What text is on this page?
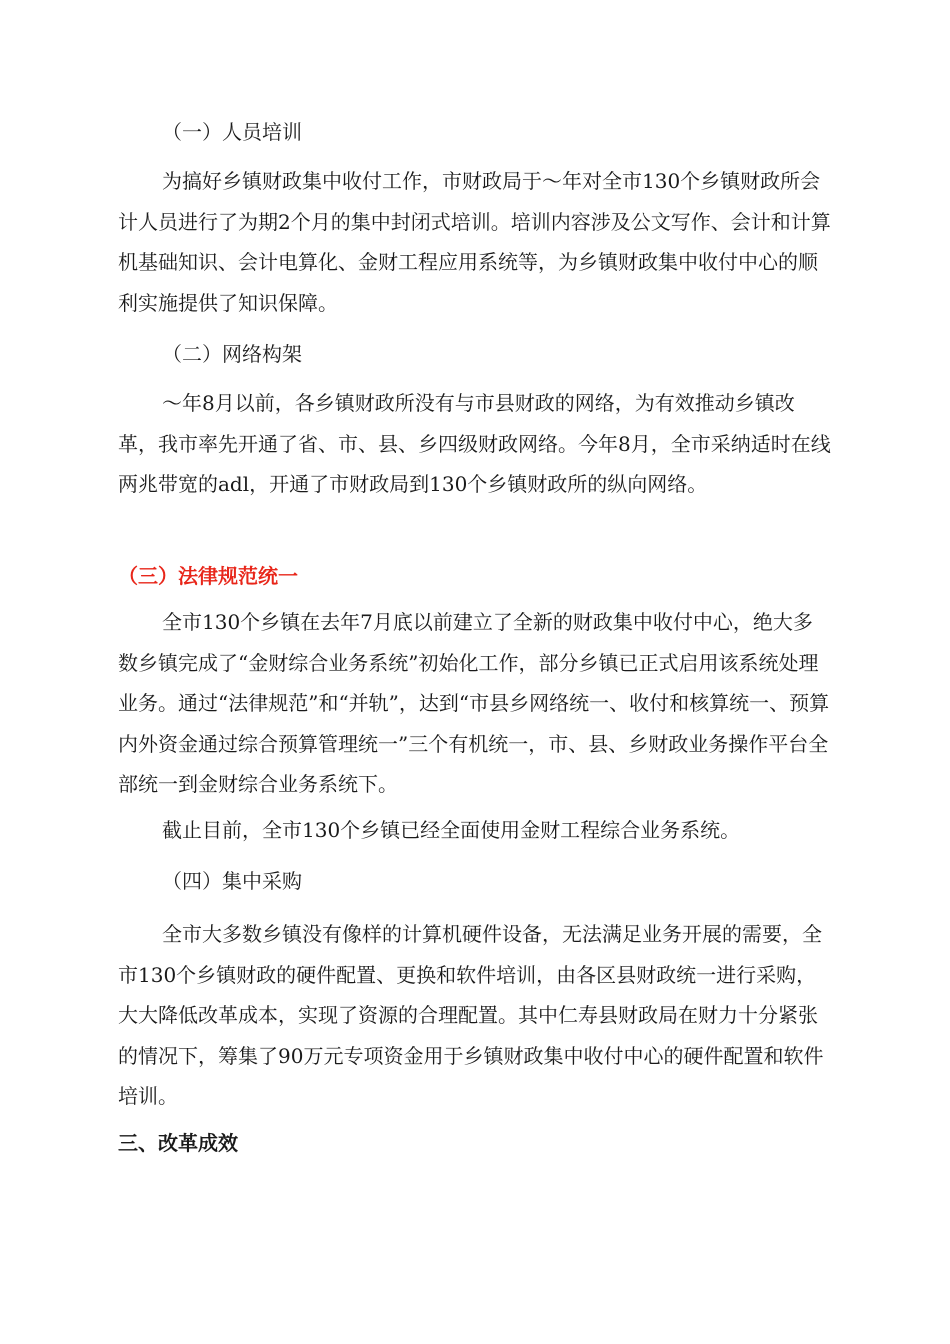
（一）人员培训

为搞好乡镇财政集中收付工作，市财政局于～年对全市130个乡镇财政所会计人员进行了为期2个月的集中封闭式培训。培训内容涉及公文写作、会计和计算机基础知识、会计电算化、金财工程应用系统等，为乡镇财政集中收付中心的顺利实施提供了知识保障。

（二）网络构架

～年8月以前，各乡镇财政所没有与市县财政的网络，为有效推动乡镇改革，我市率先开通了省、市、县、乡四级财政网络。今年8月，全市采纳适时在线两兆带宽的adl，开通了市财政局到130个乡镇财政所的纵向网络。

（三）法律规范统一

全市130个乡镇在去年7月底以前建立了全新的财政集中收付中心，绝大多数乡镇完成了“金财综合业务系统”初始化工作，部分乡镇已正式启用该系统处理业务。通过“法律规范”和“并轨”，达到“市县乡网络统一、收付和核算统一、预算内外资金通过综合预算管理统一”三个有机统一，市、县、乡财政业务操作平台全部统一到金财综合业务系统下。

截止目前，全市130个乡镇已经全面使用金财工程综合业务系统。

（四）集中采购

全市大多数乡镇没有像样的计算机硬件设备，无法满足业务开展的需要，全市130个乡镇财政的硬件配置、更换和软件培训，由各区县财政统一进行采购，大大降低改革成本，实现了资源的合理配置。其中仁寿县财政局在财力十分紧张的情况下，筹集了90万元专项资金用于乡镇财政集中收付中心的硬件配置和软件培训。

三、改革成效
